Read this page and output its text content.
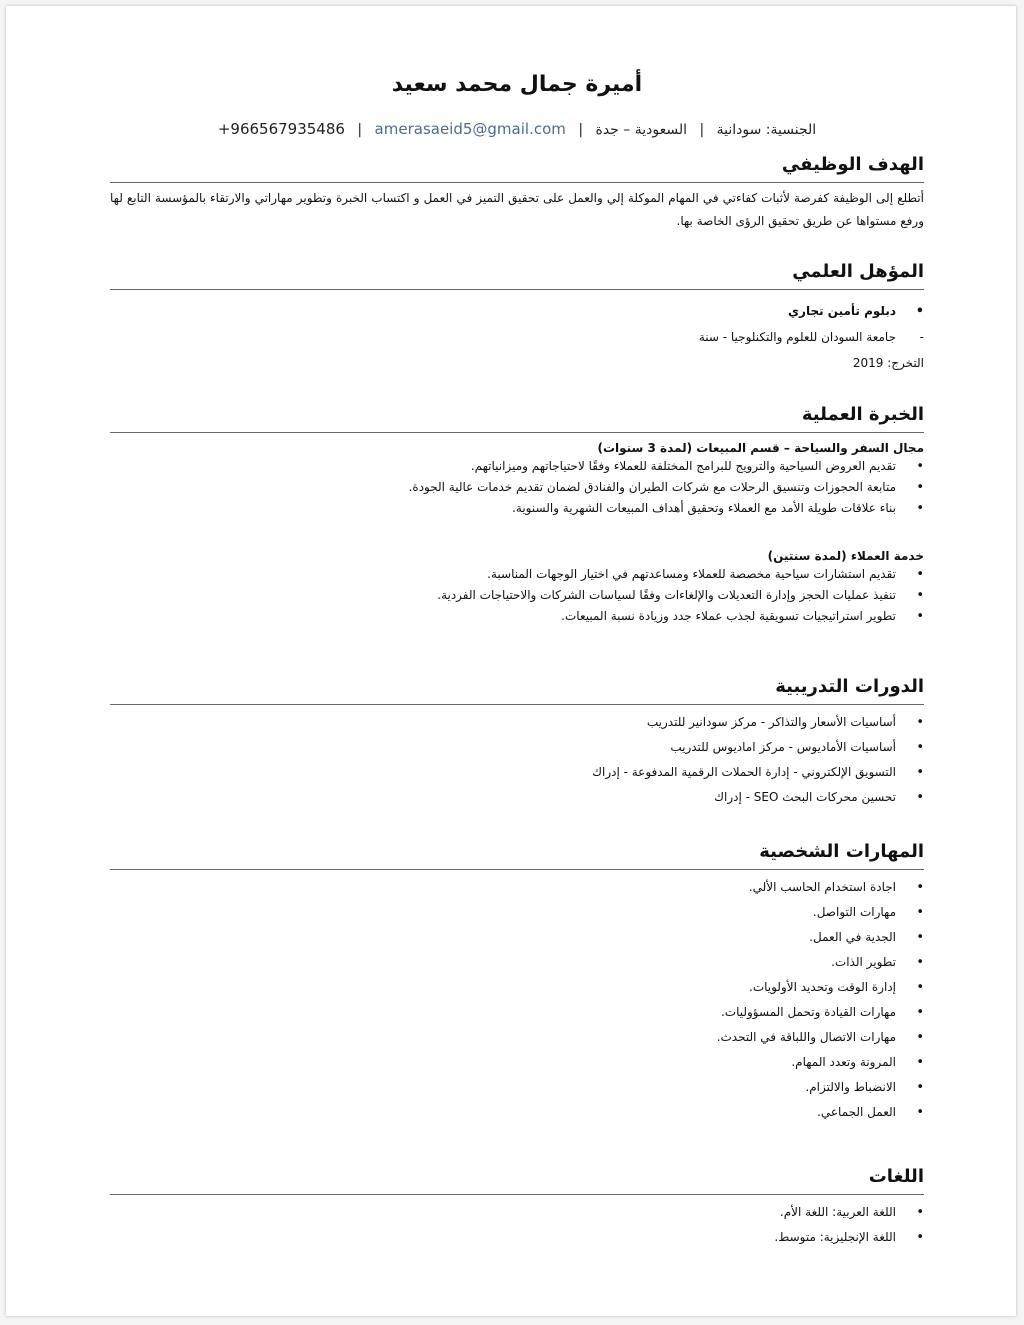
أميرة جمال محمد سعيد
الجنسية: سودانية | السعودية – جدة | amerasaeid5@gmail.com | +966567935486
الهدف الوظيفي

أتطلع إلى الوظيفة كفرصة لأثبات كفاءتي في المهام الموكلة إلي والعمل على تحقيق التميز في العمل و اكتساب الخبرة وتطوير مهاراتي والارتقاء بالمؤسسة التابع لها ورفع مستواها عن طريق تحقيق الرؤى الخاصة بها.

المؤهل العلمي
• دبلوم تأمين تجاري
-جامعة السودان للعلوم والتكنلوجيا - سنة
التخرج: 2019
الخبرة العملية
مجال السفر والسياحة – قسم المبيعات (لمدة 3 سنوات)
• تقديم العروض السياحية والترويج للبرامج المختلفة للعملاء وفقًا لاحتياجاتهم وميزانياتهم.
• متابعة الحجوزات وتنسيق الرحلات مع شركات الطيران والفنادق لضمان تقديم خدمات عالية الجودة.
• بناء علاقات طويلة الأمد مع العملاء وتحقيق أهداف المبيعات الشهرية والسنوية.
خدمة العملاء (لمدة سنتين)
• تقديم استشارات سياحية مخصصة للعملاء ومساعدتهم في اختيار الوجهات المناسبة.
• تنفيذ عمليات الحجز وإدارة التعديلات والإلغاءات وفقًا لسياسات الشركات والاحتياجات الفردية.
• تطوير استراتيجيات تسويقية لجذب عملاء جدد وزيادة نسبة المبيعات.
الدورات التدريبية
• أساسيات الأسعار والتذاكر - مركز سودانير للتدريب
• أساسيات الأماديوس - مركز اماديوس للتدريب
• التسويق الإلكتروني - إدارة الحملات الرقمية المدفوعة - إدراك
• تحسين محركات البحث SEO - إدراك
المهارات الشخصية
• اجادة استخدام الحاسب الألي.
• مهارات التواصل.
• الجدية في العمل.
• تطوير الذات.
• إدارة الوقت وتحديد الأولويات.
• مهارات القيادة وتحمل المسؤوليات.
• مهارات الاتصال واللباقة في التحدث.
• المرونة وتعدد المهام.
• الانضباط والالتزام.
• العمل الجماعي.
اللغات
• اللغة العربية: اللغة الأم.
• اللغة الإنجليزية: متوسط.
